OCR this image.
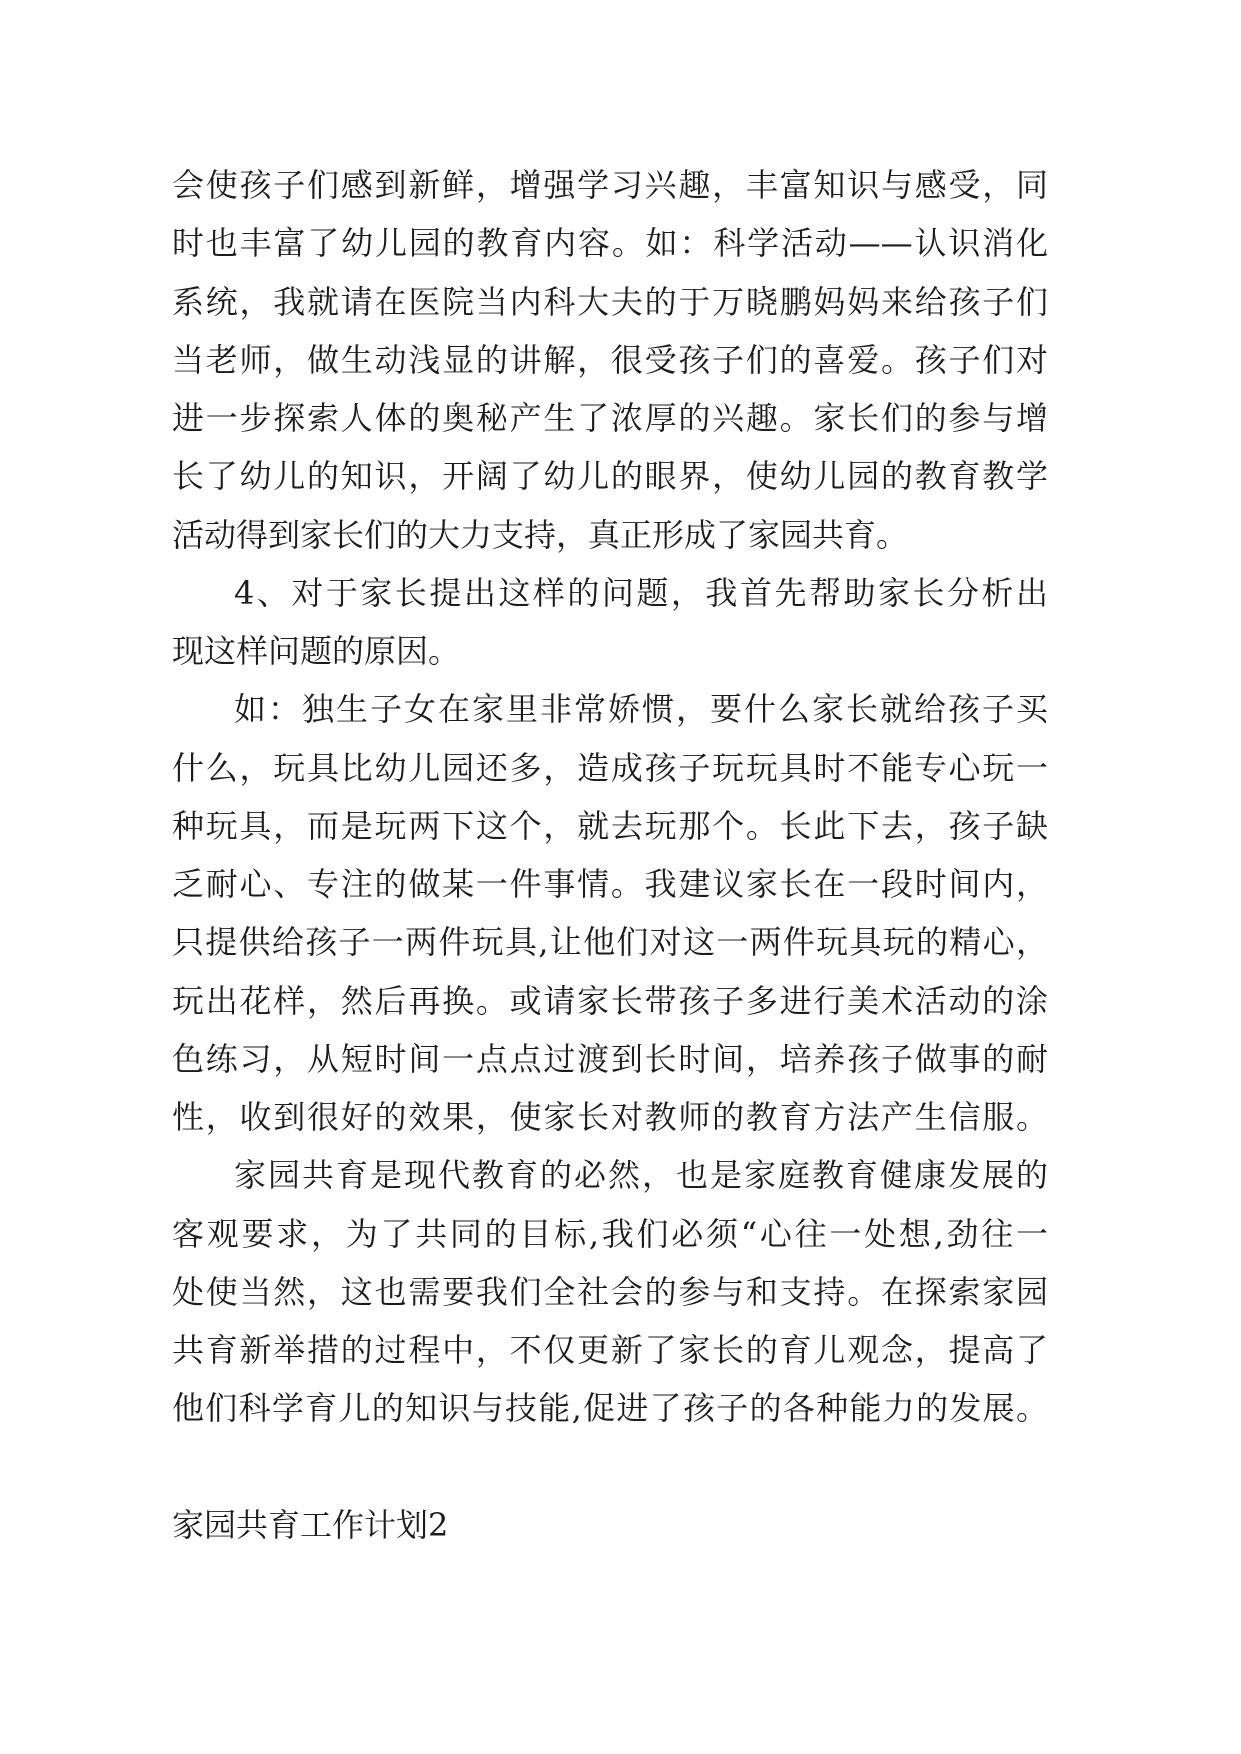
会使孩子们感到新鲜，增强学习兴趣，丰富知识与感受，同
时也丰富了幼儿园的教育内容。如：科学活动——认识消化
系统，我就请在医院当内科大夫的于万晓鹏妈妈来给孩子们
当老师，做生动浅显的讲解，很受孩子们的喜爱。孩子们对
进一步探索人体的奥秘产生了浓厚的兴趣。家长们的参与增
长了幼儿的知识，开阔了幼儿的眼界，使幼儿园的教育教学
活动得到家长们的大力支持，真正形成了家园共育。
4、对于家长提出这样的问题，我首先帮助家长分析出
现这样问题的原因。
如：独生子女在家里非常娇惯，要什么家长就给孩子买
什么，玩具比幼儿园还多，造成孩子玩玩具时不能专心玩一
种玩具，而是玩两下这个，就去玩那个。长此下去，孩子缺
乏耐心、专注的做某一件事情。我建议家长在一段时间内，
只提供给孩子一两件玩具,让他们对这一两件玩具玩的精心，
玩出花样，然后再换。或请家长带孩子多进行美术活动的涂
色练习，从短时间一点点过渡到长时间，培养孩子做事的耐
性，收到很好的效果，使家长对教师的教育方法产生信服。
家园共育是现代教育的必然，也是家庭教育健康发展的
客观要求，为了共同的目标,我们必须“心往一处想,劲往一
处使当然，这也需要我们全社会的参与和支持。在探索家园
共育新举措的过程中，不仅更新了家长的育儿观念，提高了
他们科学育儿的知识与技能,促进了孩子的各种能力的发展。
家园共育工作计划2
